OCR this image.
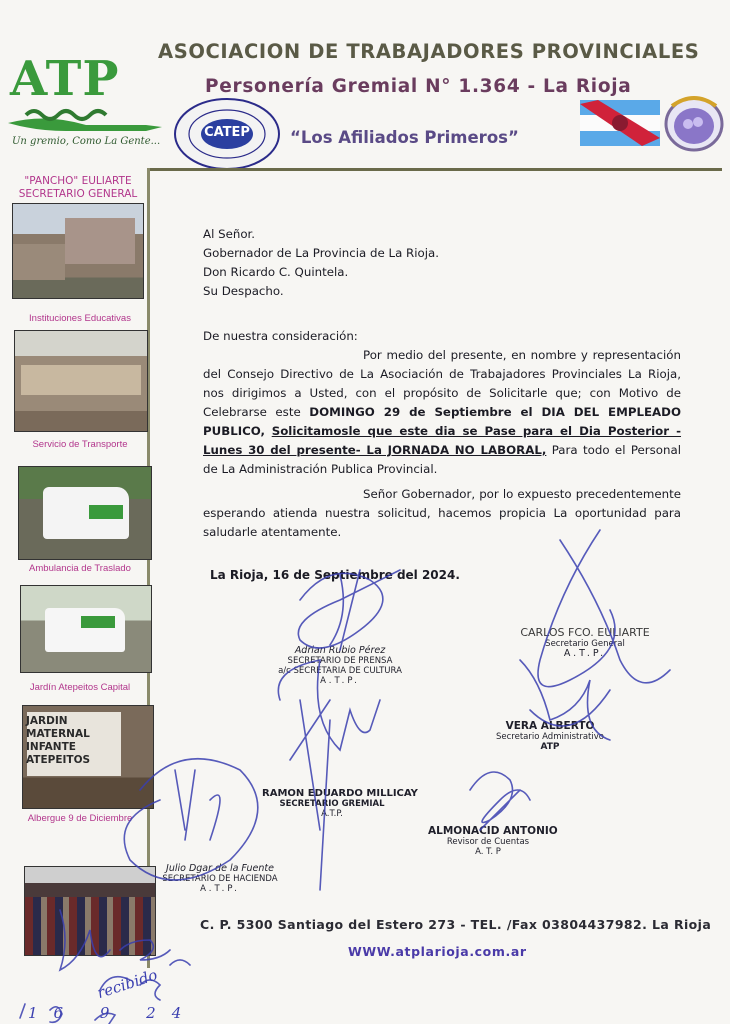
ATP
Un gremio, Como La Gente...
ASOCIACION DE TRABAJADORES PROVINCIALES
Personería Gremial N° 1.364 - La Rioja
CATEP	“Los Afiliados Primeros”
"PANCHO" EULIARTE
SECRETARIO GENERAL
Instituciones Educativas
Servicio de Transporte
Ambulancia de Traslado
Jardín Atepeitos Capital
JARDIN MATERNAL INFANTE ATEPEITOS
Albergue 9 de Diciembre

Al Señor.

Gobernador de La Provincia de La Rioja.

Don Ricardo C. Quintela.

Su Despacho.

De nuestra consideración:

Por medio del presente, en nombre y representación del Consejo Directivo de La Asociación de Trabajadores Provinciales La Rioja, nos dirigimos a Usted, con el propósito de Solicitarle que; con Motivo de Celebrarse este DOMINGO 29 de Septiembre el DIA DEL EMPLEADO PUBLICO, Solicitamosle que este dia se Pase para el Dia Posterior - Lunes 30 del presente- La JORNADA NO LABORAL, Para todo el Personal de La Administración Publica Provincial.

Señor Gobernador, por lo expuesto precedentemente esperando atienda nuestra solicitud, hacemos propicia La oportunidad para saludarle atentamente.

La Rioja, 16 de Septiembre del 2024.
Adrian Rubio Pérez
SECRETARIO DE PRENSA
a/c SECRETARIA DE CULTURA
A.T.P.
CARLOS FCO. EULIARTE
Secretario General
A.T.P.
VERA ALBERTO
Secretario Administrativo
ATP
RAMON EDUARDO MILLICAY
SECRETARIO GREMIAL
A.T.P.
ALMONACID ANTONIO
Revisor de Cuentas
A. T. P
Julio Dgar de la Fuente
SECRETARIO DE HACIENDA
A.T.P.
recibido
16 9 24
C. P. 5300 Santiago del Estero 273 - TEL. /Fax 03804437982. La Rioja
WWW.atplarioja.com.ar
